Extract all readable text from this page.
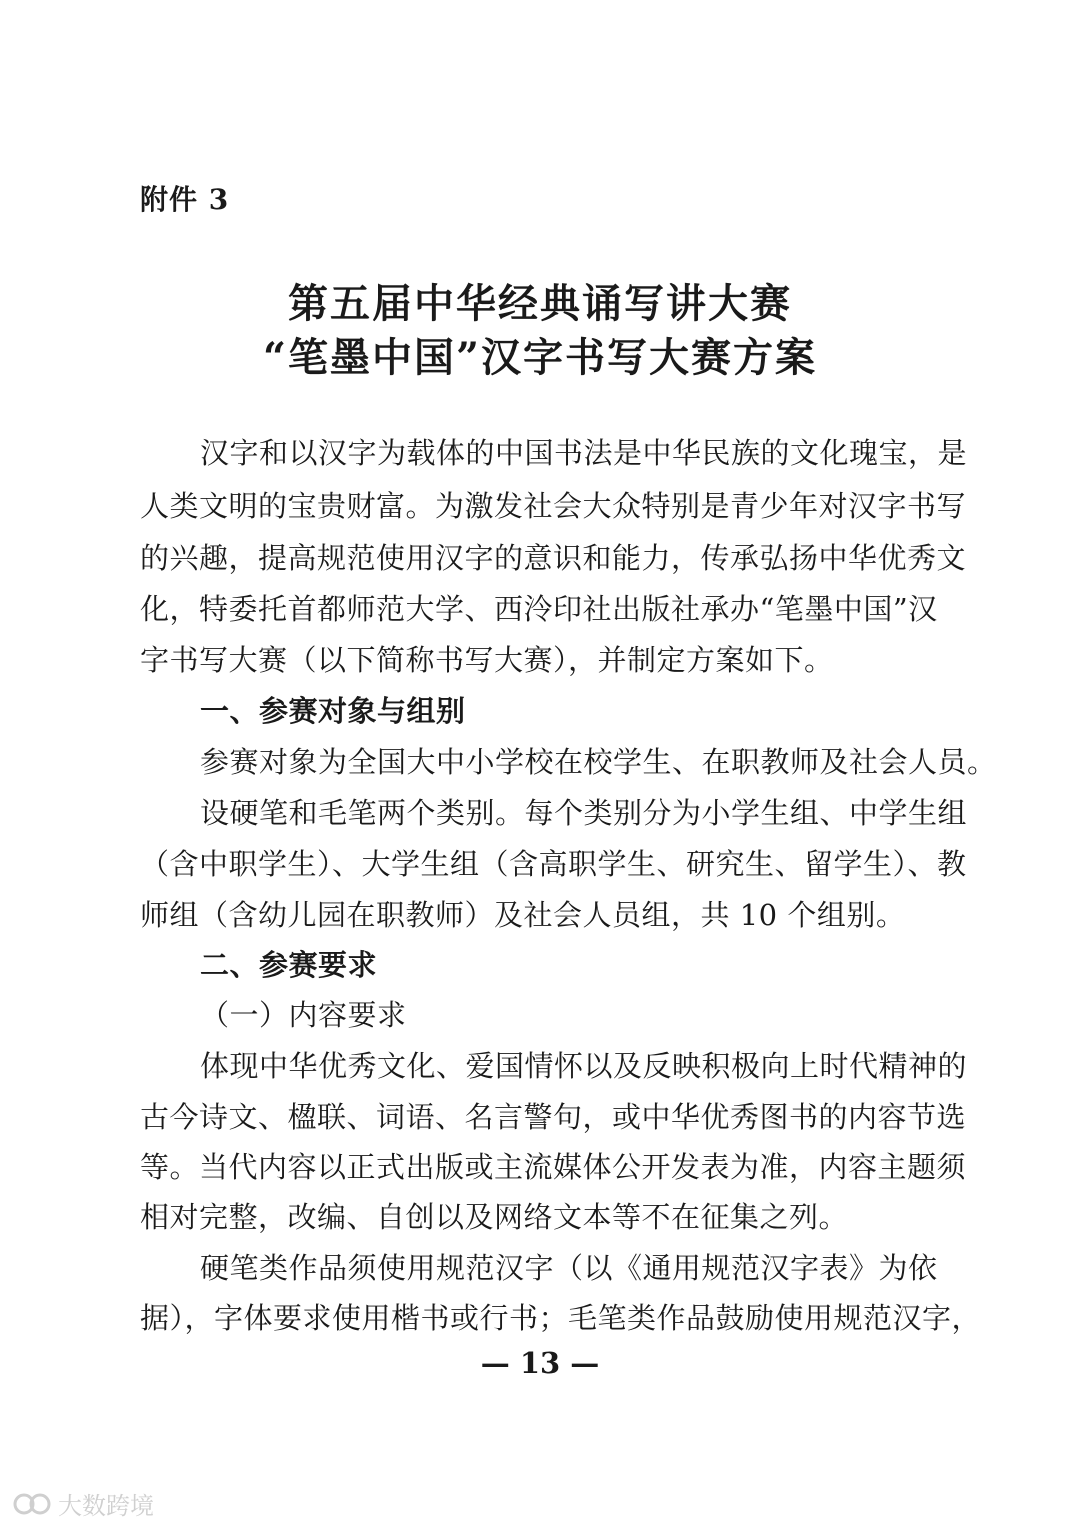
附件 3
第五届中华经典诵写讲大赛
“笔墨中国”汉字书写大赛方案
汉字和以汉字为载体的中国书法是中华民族的文化瑰宝，是
人类文明的宝贵财富。为激发社会大众特别是青少年对汉字书写
的兴趣，提高规范使用汉字的意识和能力，传承弘扬中华优秀文
化，特委托首都师范大学、西泠印社出版社承办“笔墨中国”汉
字书写大赛（以下简称书写大赛），并制定方案如下。
一、参赛对象与组别
参赛对象为全国大中小学校在校学生、在职教师及社会人员。
设硬笔和毛笔两个类别。每个类别分为小学生组、中学生组
（含中职学生）、大学生组（含高职学生、研究生、留学生）、教
师组（含幼儿园在职教师）及社会人员组，共 10 个组别。
二、参赛要求
（一）内容要求
体现中华优秀文化、爱国情怀以及反映积极向上时代精神的
古今诗文、楹联、词语、名言警句，或中华优秀图书的内容节选
等。当代内容以正式出版或主流媒体公开发表为准，内容主题须
相对完整，改编、自创以及网络文本等不在征集之列。
硬笔类作品须使用规范汉字（以《通用规范汉字表》为依
据），字体要求使用楷书或行书；毛笔类作品鼓励使用规范汉字，
— 13 —
大数跨境
